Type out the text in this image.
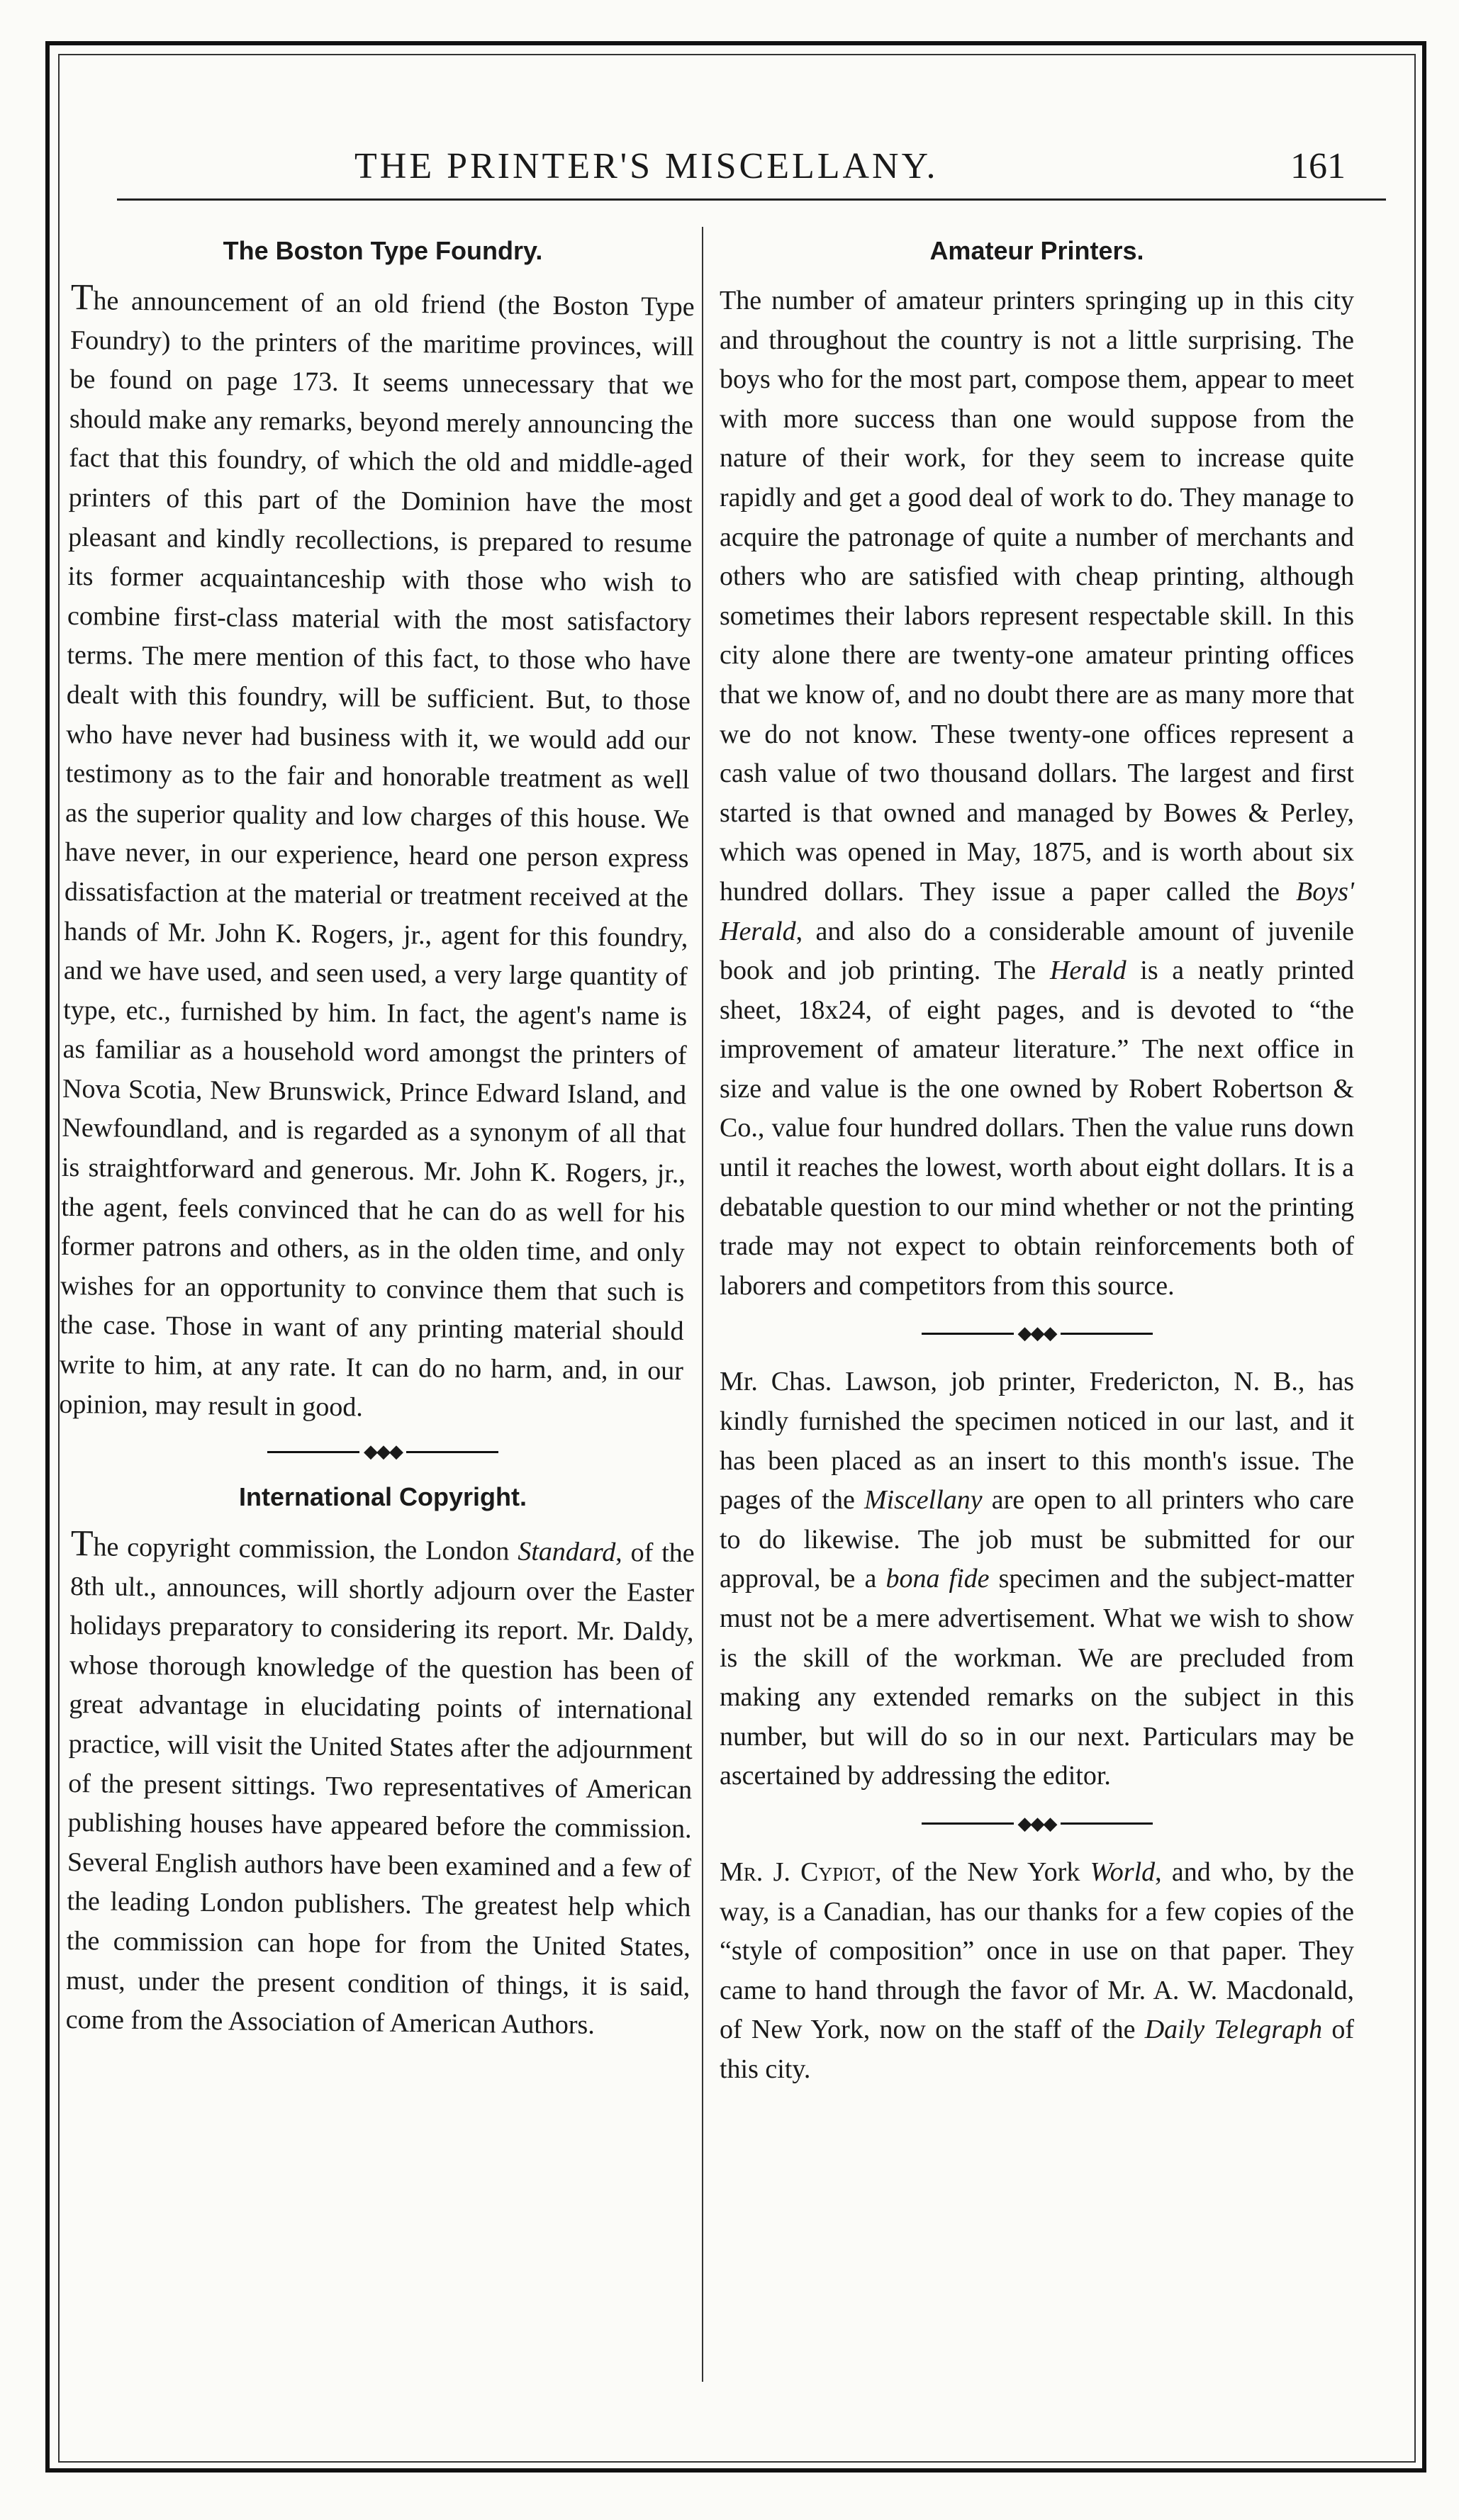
THE PRINTER'S MISCELLANY.	161
The Boston Type Foundry.

The announcement of an old friend (the Boston Type Foundry) to the printers of the maritime provinces, will be found on page 173. It seems unnecessary that we should make any remarks, beyond merely announcing the fact that this foundry, of which the old and middle-aged printers of this part of the Dominion have the most pleasant and kindly recollections, is prepared to resume its former acquaintanceship with those who wish to combine first-class material with the most satisfactory terms. The mere mention of this fact, to those who have dealt with this foundry, will be sufficient. But, to those who have never had business with it, we would add our testimony as to the fair and honorable treatment as well as the superior quality and low charges of this house. We have never, in our experience, heard one person express dissatisfaction at the material or treatment received at the hands of Mr. John K. Rogers, jr., agent for this foundry, and we have used, and seen used, a very large quantity of type, etc., furnished by him. In fact, the agent's name is as familiar as a household word amongst the printers of Nova Scotia, New Brunswick, Prince Edward Island, and Newfoundland, and is regarded as a synonym of all that is straightforward and generous. Mr. John K. Rogers, jr., the agent, feels convinced that he can do as well for his former patrons and others, as in the olden time, and only wishes for an opportunity to convince them that such is the case. Those in want of any printing material should write to him, at any rate. It can do no harm, and, in our opinion, may result in good.

◆◆◆
International Copyright.

The copyright commission, the London Standard, of the 8th ult., announces, will shortly adjourn over the Easter holidays preparatory to considering its report. Mr. Daldy, whose thorough knowledge of the question has been of great advantage in elucidating points of international practice, will visit the United States after the adjournment of the present sittings. Two representatives of American publishing houses have appeared before the commission. Several English authors have been examined and a few of the leading London publishers. The greatest help which the commission can hope for from the United States, must, under the present condition of things, it is said, come from the Association of American Authors.

Amateur Printers.

The number of amateur printers springing up in this city and throughout the country is not a little surprising. The boys who for the most part, compose them, appear to meet with more success than one would suppose from the nature of their work, for they seem to increase quite rapidly and get a good deal of work to do. They manage to acquire the patronage of quite a number of merchants and others who are satisfied with cheap printing, although sometimes their labors represent respectable skill. In this city alone there are twenty-one amateur printing offices that we know of, and no doubt there are as many more that we do not know. These twenty-one offices represent a cash value of two thousand dollars. The largest and first started is that owned and managed by Bowes & Perley, which was opened in May, 1875, and is worth about six hundred dollars. They issue a paper called the Boys' Herald, and also do a considerable amount of juvenile book and job printing. The Herald is a neatly printed sheet, 18x24, of eight pages, and is devoted to “the improvement of amateur literature.” The next office in size and value is the one owned by Robert Robertson & Co., value four hundred dollars. Then the value runs down until it reaches the lowest, worth about eight dollars. It is a debatable question to our mind whether or not the printing trade may not expect to obtain reinforcements both of laborers and competitors from this source.

◆◆◆

Mr. Chas. Lawson, job printer, Fredericton, N. B., has kindly furnished the specimen noticed in our last, and it has been placed as an insert to this month's issue. The pages of the Miscellany are open to all printers who care to do likewise. The job must be submitted for our approval, be a bona fide specimen and the subject-matter must not be a mere advertisement. What we wish to show is the skill of the workman. We are precluded from making any extended remarks on the subject in this number, but will do so in our next. Particulars may be ascertained by addressing the editor.

◆◆◆

Mr. J. Cypiot, of the New York World, and who, by the way, is a Canadian, has our thanks for a few copies of the “style of composition” once in use on that paper. They came to hand through the favor of Mr. A. W. Macdonald, of New York, now on the staff of the Daily Telegraph of this city.
